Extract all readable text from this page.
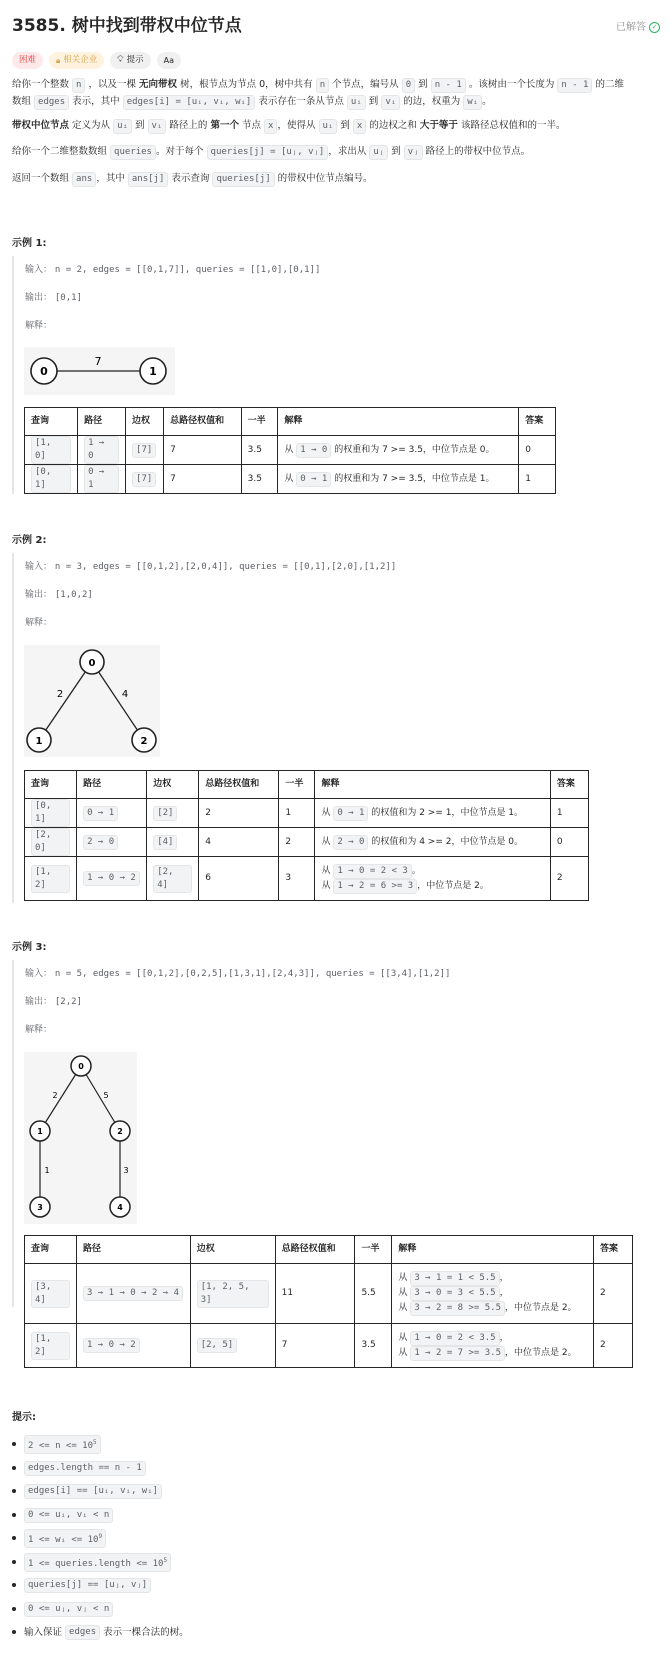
3585. 树中找到带权中位节点	已解答 ✓
困难	🔒︎ 相关企业 💡︎ 提示	Aa
给你一个整数 n ，以及一棵 无向带权 树，根节点为节点 0，树中共有 n 个节点，编号从 0 到 n - 1 。该树由一个长度为 n - 1 的二维
数组 edges 表示，其中 edges[i] = [uᵢ, vᵢ, wᵢ] 表示存在一条从节点 uᵢ 到 vᵢ 的边，权重为 wᵢ 。
带权中位节点 定义为从 uᵢ 到 vᵢ 路径上的 第一个 节点 x ，使得从 uᵢ 到 x 的边权之和 大于等于 该路径总权值和的一半。
给你一个二维整数数组 queries 。对于每个 queries[j] = [uⱼ, vⱼ] ，求出从 uⱼ 到 vⱼ 路径上的带权中位节点。
返回一个数组 ans ，其中 ans[j] 表示查询 queries[j] 的带权中位节点编号。
示例 1:
输入： n = 2, edges = [[0,1,7]], queries = [[1,0],[0,1]]
输出： [0,1]
解释：
7
0	1
查询	路径	边权	总路径权值和	一半	解释	答案
[1, 0]	1 → 0	[7]	7	3.5	从 1 → 0 的权重和为 7 >= 3.5，中位节点是 0。	0
[0, 1]	0 → 1	[7]	7	3.5	从 0 → 1 的权重和为 7 >= 3.5，中位节点是 1。	1
示例 2:
输入： n = 3, edges = [[0,1,2],[2,0,4]], queries = [[0,1],[2,0],[1,2]]
输出： [1,0,2]
解释：
2	4
0
1	2
查询	路径	边权	总路径权值和	一半	解释	答案
[0, 1]	0 → 1	[2]	2	1	从 0 → 1 的权值和为 2 >= 1，中位节点是 1。	1
[2, 0]	2 → 0	[4]	4	2	从 2 → 0 的权值和为 4 >= 2，中位节点是 0。	0
[1, 2]	1 → 0 → 2	[2, 4]	6	3	从 1 → 0 = 2 < 3 。
从 1 → 2 = 6 >= 3 ，中位节点是 2。	2
示例 3:
输入： n = 5, edges = [[0,1,2],[0,2,5],[1,3,1],[2,4,3]], queries = [[3,4],[1,2]]
输出： [2,2]
解释：
2	5
1	3
0
1	2
3	4
查询	路径	边权	总路径权值和	一半	解释	答案
[3, 4]	3 → 1 → 0 → 2 → 4	[1, 2, 5, 3]	11	5.5	从 3 → 1 = 1 < 5.5 ，
从 3 → 0 = 3 < 5.5 ，
从 3 → 2 = 8 >= 5.5 ，中位节点是 2。	2
[1, 2]	1 → 0 → 2	[2, 5]	7	3.5	从 1 → 0 = 2 < 3.5 ，
从 1 → 2 = 7 >= 3.5 ，中位节点是 2。	2
提示:
$2 <= n <= 10^5$
edges.length == n - 1
edges[i] == [uᵢ, vᵢ, wᵢ]
0 <= uᵢ, vᵢ < n
1 <= wᵢ <= $10^9$
1 <= queries.length <= $10^5$
queries[j] == [uⱼ, vⱼ]
0 <= uⱼ, vⱼ < n
输入保证
edges
表示一棵合法的树。
